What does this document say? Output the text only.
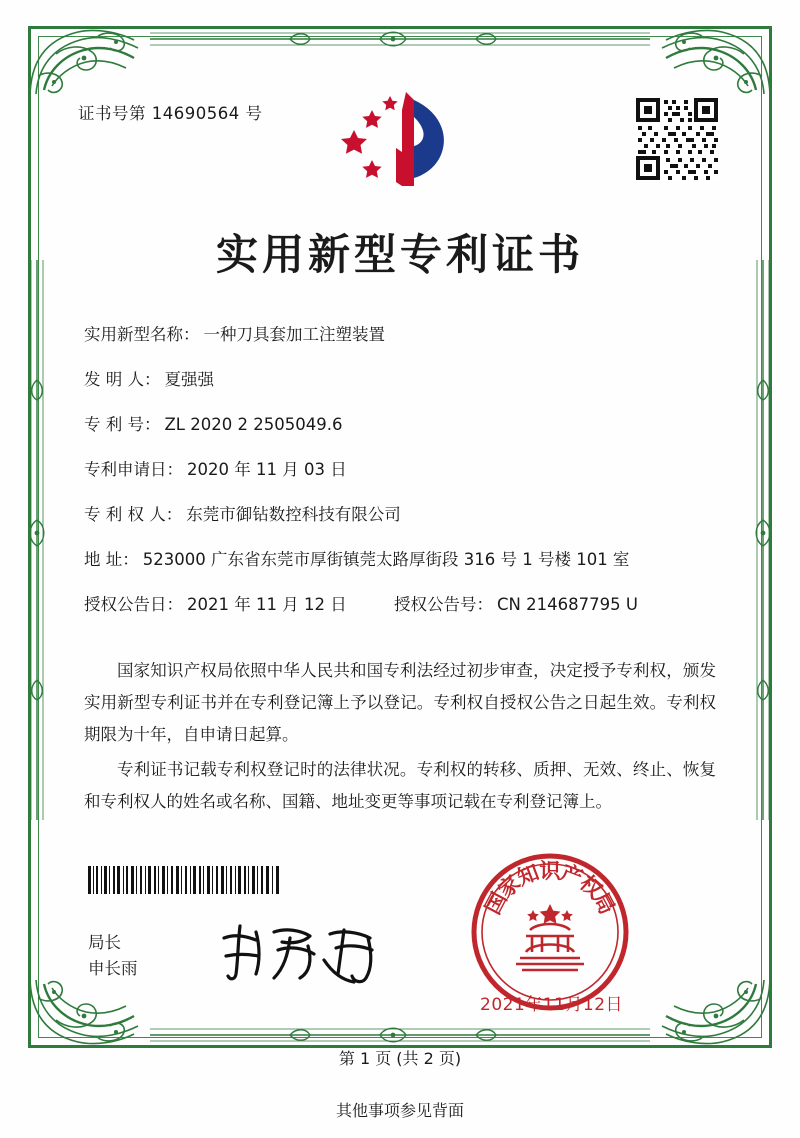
证书号第 14690564 号
实用新型专利证书
实用新型名称： 一种刀具套加工注塑装置
发 明 人： 夏强强
专 利 号： ZL 2020 2 2505049.6
专利申请日： 2020 年 11 月 03 日
专 利 权 人： 东莞市御钻数控科技有限公司
地 址： 523000 广东省东莞市厚街镇莞太路厚街段 316 号 1 号楼 101 室
授权公告日： 2021 年 11 月 12 日	授权公告号： CN 214687795 U

国家知识产权局依照中华人民共和国专利法经过初步审查，决定授予专利权，颁发实用新型专利证书并在专利登记簿上予以登记。专利权自授权公告之日起生效。专利权期限为十年，自申请日起算。

专利证书记载专利权登记时的法律状况。专利权的转移、质押、无效、终止、恢复和专利权人的姓名或名称、国籍、地址变更等事项记载在专利登记簿上。

局长
申长雨
国
家
知
识
产
权
局
2021年11月12日
第 1 页 (共 2 页)
其他事项参见背面
